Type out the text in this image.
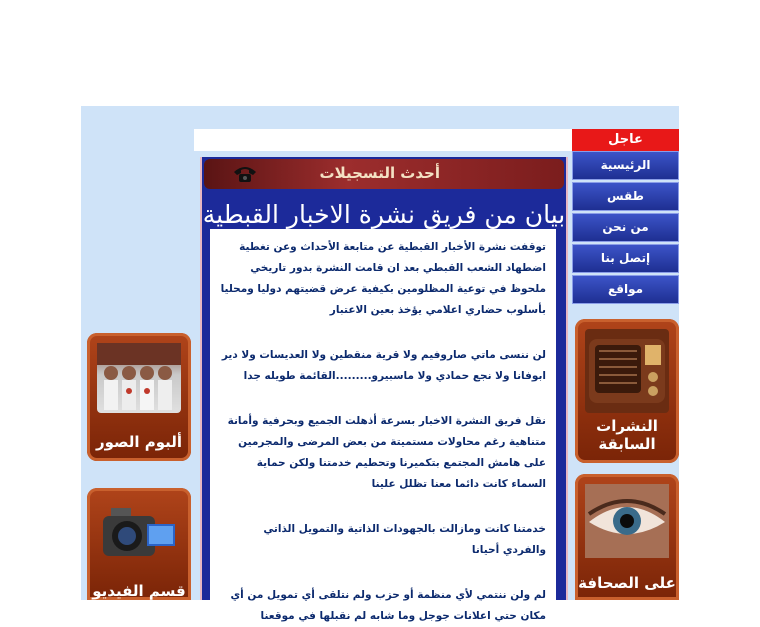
عاجل
الرئيسية
طقس
من نحن
إتصل بنا
مواقع
أحدث التسجيلات
بيان من فريق نشرة الاخبار القبطية

توقفت نشرة الأخبار القبطية عن متابعة الأحداث وعن تغطية اضطهاد الشعب القبطي بعد ان قامت النشرة بدور تاريخي ملحوظ في توعية المظلومين بكيفية عرض قضيتهم دوليا ومحليا بأسلوب حضاري اعلامي يؤخذ بعين الاعتبار

لن ننسى ماتي صاروفيم ولا قرية منقطين ولا العديسات ولا دير ابوفانا ولا نجع حمادي ولا ماسبيرو.........القائمة طويله جدا

نقل فريق النشرة الاخبار بسرعة أذهلت الجميع وبحرفية وأمانة متناهية رغم محاولات مستميتة من بعض المرضى والمجرمين على هامش المجتمع بتكميرنا وتحطيم خدمتنا ولكن حماية السماء كانت دائما معنا تظلل علينا

خدمتنا كانت ومازالت بالجهودات الذاتية والتمويل الذاتي والفردي أحيانا

لم ولن ننتمي لأي منظمة أو حزب ولم نتلقى أي تمويل من أي مكان حتي اعلانات جوجل وما شابه لم نقبلها في موقعنا

ألبوم الصور
قسم الفيديو
النشرات السابقة
على الصحافة
